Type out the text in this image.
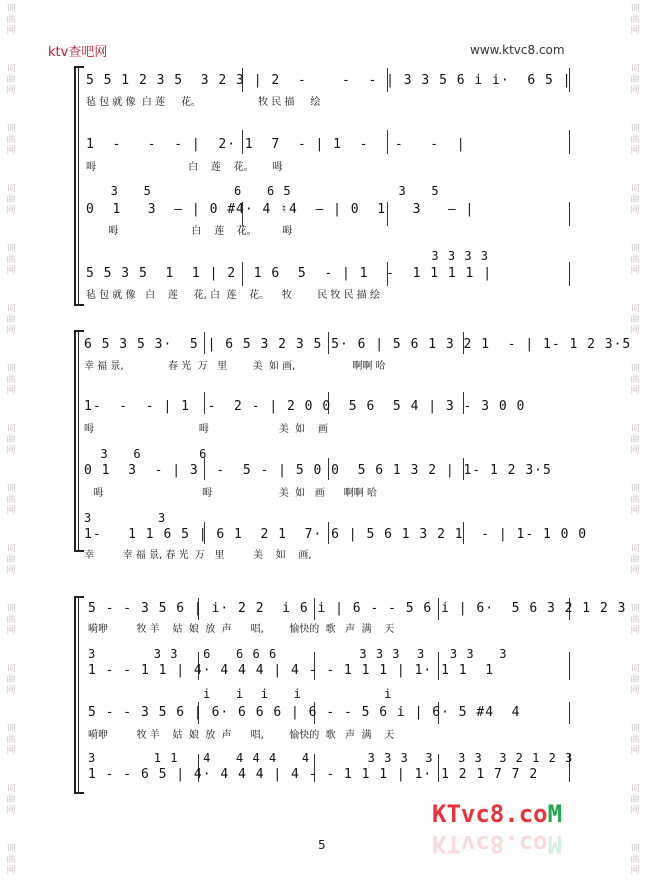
词
曲
网
词
曲
网
词
曲
网
词
曲
网
词
曲
网
词
曲
网
词
曲
网
词
曲
网
词
曲
网
词
曲
网
词
曲
网
词
曲
网
词
曲
网
词
曲
网
词
曲
网
词
曲
网
词
曲
网
词
曲
网
词
曲
网
词
曲
网
词
曲
网
词
曲
网
词
曲
网
词
曲
网
词
曲
网
词
曲
网
词
曲
网
词
曲
网
词
曲
网
词
曲
网
ktv查吧网	www.ktvc8.com
5 5 1 2 3 5  3 2 3 | 2  -    -  - | 3 3 5 6 i i·  6 5 |
毡 包 就 像  白 莲     花。                  牧 民 描     绘
1  -   -  - |  2· 1  7  - | 1  -   -   -  |
呣                             白    莲    花。      呣
3   5          6   6 5             3   5
0  1   3  — | 0 #4· 4 ♮4  — | 0  1   3   — |
呣                       白    莲    花。        呣
3 3 3 3
5 5 3 5  1  1 | 2  1 6  5  - | 1  -  1 1 1 1 |
毡 包 就 像   白    莲     花, 白  莲    花。    牧        民 牧 民 描 绘
6 5 3 5 3·  5 | 6 5 3 2 3 5 5· 6 | 5 6 1 3 2 1  - | 1- 1 2 3·5
幸 福 景,              春 光  万   里        美  如 画,                  啊啊 哈
1-  -  - | 1  -  2 - | 2 0 0  5 6  5 4 | 3 - 3 0 0
呣                                 呣                      美  如    画
3   6       6
0 1  3  - | 3  -  5 - | 5 0 0  5 6 1 3 2 | 1- 1 2 3·5
呣                               呣                     美  如   画      啊啊 哈
3        3
1-   1 1 6 5 | 6 1  2 1  7· 6 | 5 6 1 3 2 1  - | 1- 1 0 0
幸         幸 福 景, 春 光  万   里         美    如    画,
5 - - 3 5 6 | i· 2 2  i 6 i | 6 - - 5 6 i | 6·  5 6 3 2 1 2 3
嗬咿         牧 羊    姑  娘  放  声      唱,        愉快的  歌   声  满    天
3       3 3   6   6 6 6          3 3 3  3   3 3   3
1 - - 1 1 | 4· 4 4 4 | 4 - - 1 1 1 | 1· 1 1  1
i   i  i   i          i
5 - - 3 5 6 | 6· 6 6 6 | 6 - - 5 6 i | 6· 5 #4  4
嗬咿         牧 羊    姑  娘  放  声      唱,        愉快的  歌   声  满    天
3       1 1   4   4 4 4   4       3 3 3  3   3 3  3 2 1 2 3
1 - - 6 5 | 4· 4 4 4 | 4 - - 1 1 1 | 1· 1 2 1 7 7 2
KTvc8.coM
KTvc8.coM
5
